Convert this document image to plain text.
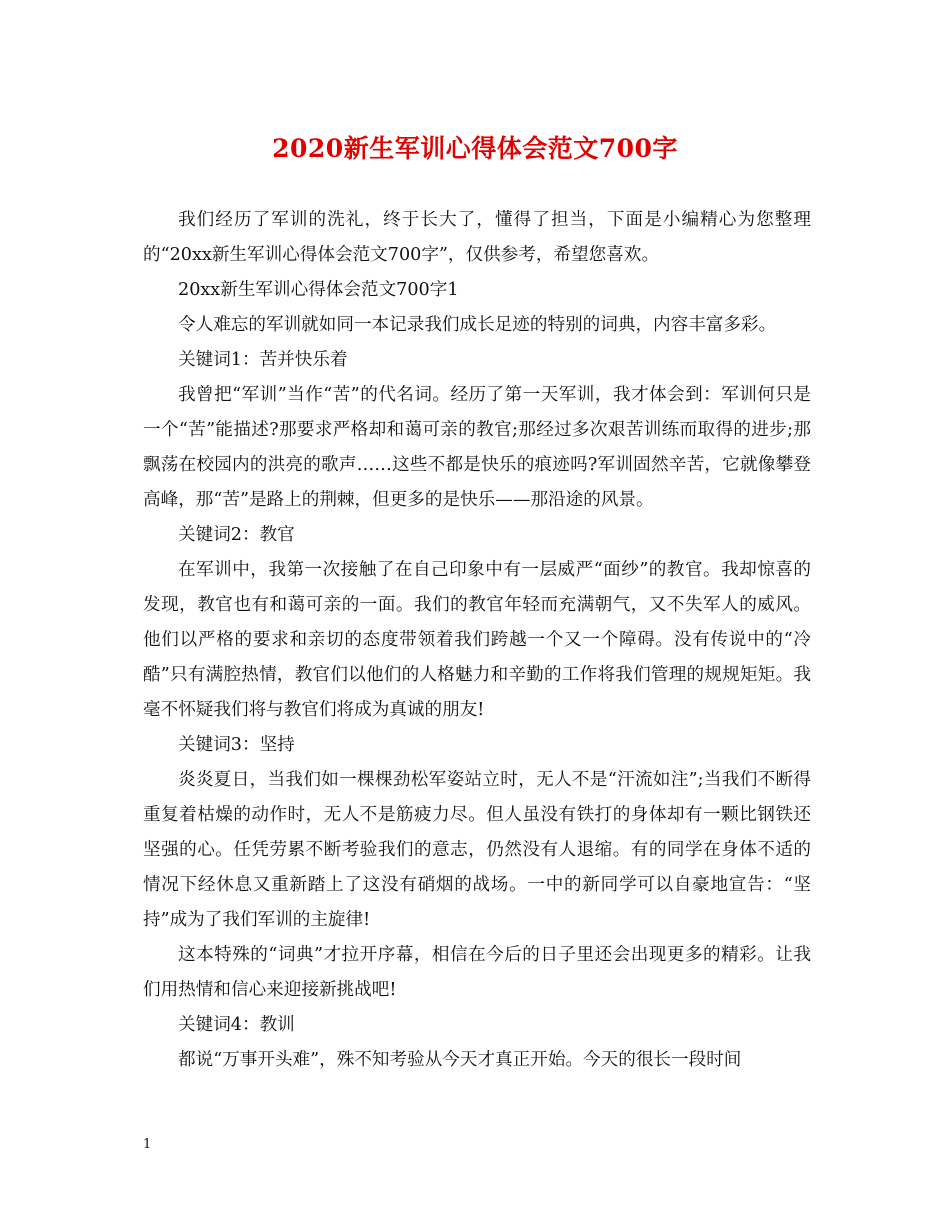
2020新生军训心得体会范文700字

我们经历了军训的洗礼，终于长大了，懂得了担当，下面是小编精心为您整理的“20xx新生军训心得体会范文700字”，仅供参考，希望您喜欢。

20xx新生军训心得体会范文700字1

令人难忘的军训就如同一本记录我们成长足迹的特别的词典，内容丰富多彩。

关键词1：苦并快乐着

我曾把“军训”当作“苦”的代名词。经历了第一天军训，我才体会到：军训何只是一个“苦”能描述?那要求严格却和蔼可亲的教官;那经过多次艰苦训练而取得的进步;那飘荡在校园内的洪亮的歌声……这些不都是快乐的痕迹吗?军训固然辛苦，它就像攀登高峰，那“苦”是路上的荆棘，但更多的是快乐——那沿途的风景。

关键词2：教官

在军训中，我第一次接触了在自己印象中有一层威严“面纱”的教官。我却惊喜的发现，教官也有和蔼可亲的一面。我们的教官年轻而充满朝气，又不失军人的威风。他们以严格的要求和亲切的态度带领着我们跨越一个又一个障碍。没有传说中的“冷酷”只有满腔热情，教官们以他们的人格魅力和辛勤的工作将我们管理的规规矩矩。我毫不怀疑我们将与教官们将成为真诚的朋友!

关键词3：坚持

炎炎夏日，当我们如一棵棵劲松军姿站立时，无人不是“汗流如注”;当我们不断得重复着枯燥的动作时，无人不是筋疲力尽。但人虽没有铁打的身体却有一颗比钢铁还坚强的心。任凭劳累不断考验我们的意志，仍然没有人退缩。有的同学在身体不适的情况下经休息又重新踏上了这没有硝烟的战场。一中的新同学可以自豪地宣告：“坚持”成为了我们军训的主旋律!

这本特殊的“词典”才拉开序幕，相信在今后的日子里还会出现更多的精彩。让我们用热情和信心来迎接新挑战吧!

关键词4：教训

都说“万事开头难”，殊不知考验从今天才真正开始。今天的很长一段时间

1
